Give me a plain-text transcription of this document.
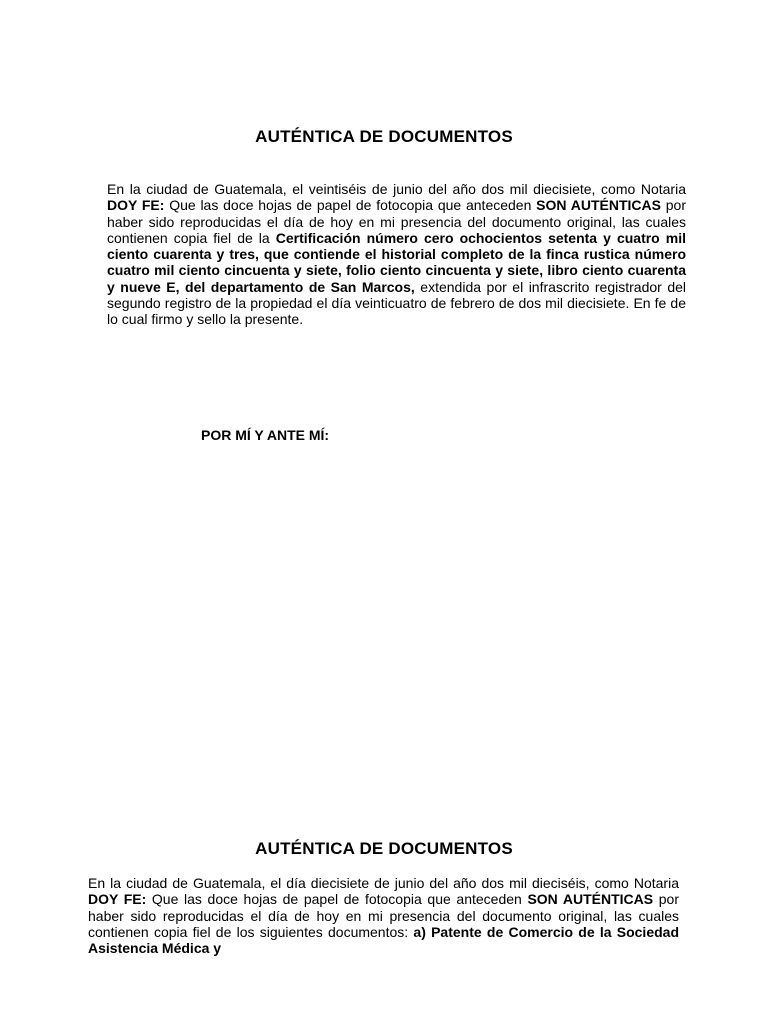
AUTÉNTICA DE DOCUMENTOS

En la ciudad de Guatemala, el veintiséis de junio del año dos mil diecisiete, como Notaria DOY FE: Que las doce hojas de papel de fotocopia que anteceden SON AUTÉNTICAS por haber sido reproducidas el día de hoy en mi presencia del documento original, las cuales contienen copia fiel de la Certificación número cero ochocientos setenta y cuatro mil ciento cuarenta y tres, que contiende el historial completo de la finca rustica número cuatro mil ciento cincuenta y siete, folio ciento cincuenta y siete, libro ciento cuarenta y nueve E, del departamento de San Marcos, extendida por el infrascrito registrador del segundo registro de la propiedad el día veinticuatro de febrero de dos mil diecisiete. En fe de lo cual firmo y sello la presente.

POR MÍ Y ANTE MÍ:

AUTÉNTICA DE DOCUMENTOS

En la ciudad de Guatemala, el día diecisiete de junio del año dos mil dieciséis, como Notaria DOY FE: Que las doce hojas de papel de fotocopia que anteceden SON AUTÉNTICAS por haber sido reproducidas el día de hoy en mi presencia del documento original, las cuales contienen copia fiel de los siguientes documentos: a) Patente de Comercio de la Sociedad Asistencia Médica y
